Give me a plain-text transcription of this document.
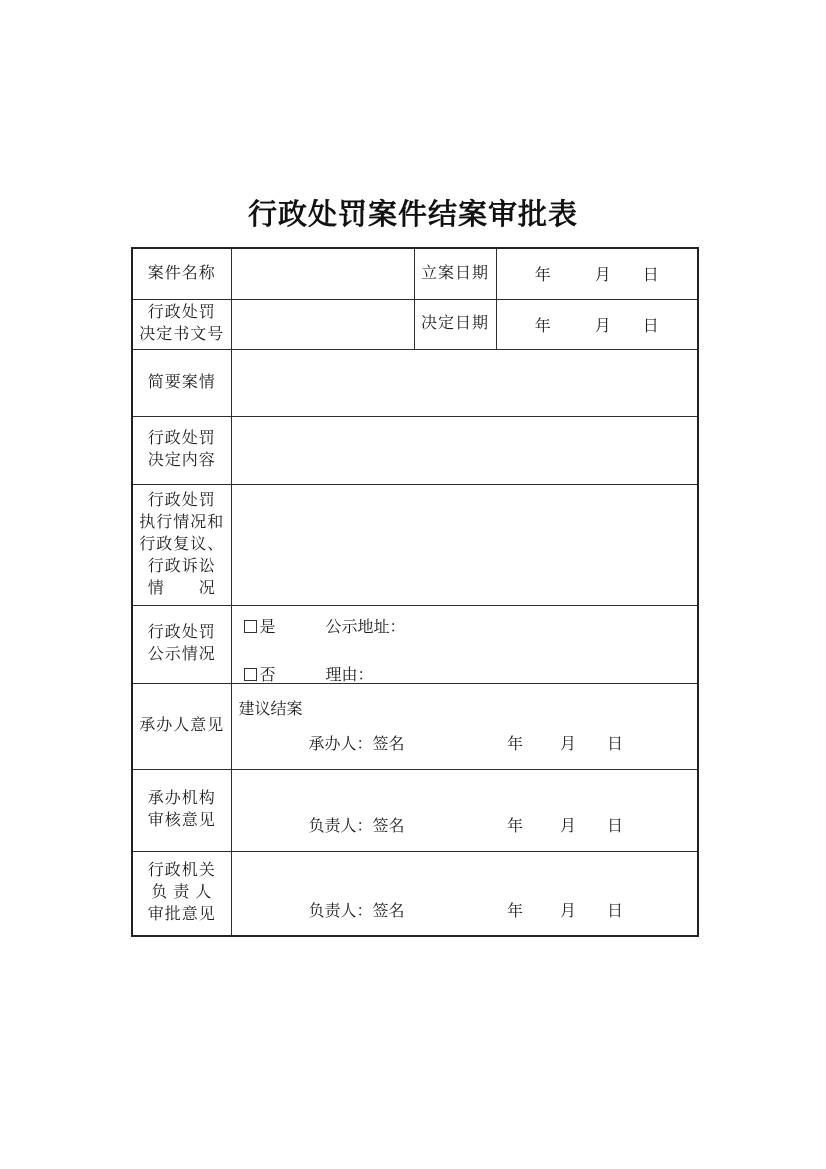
行政处罚案件结案审批表
案件名称		立案日期	年 月 日

行政处罚
决定书文号		决定日期	年 月 日
简要案情			

行政处罚
决定内容			

行政处罚
执行情况和
行政复议、
行政诉讼
情　　况			

行政处罚
公示情况

是	公示地址：
否	理由：

承办人意见	建议结案
承办人：签名 年 月 日		

承办机构
审核意见	负责人：签名	年 月 日

行政机关
负 责 人
审批意见	负责人：签名	年 月 日
